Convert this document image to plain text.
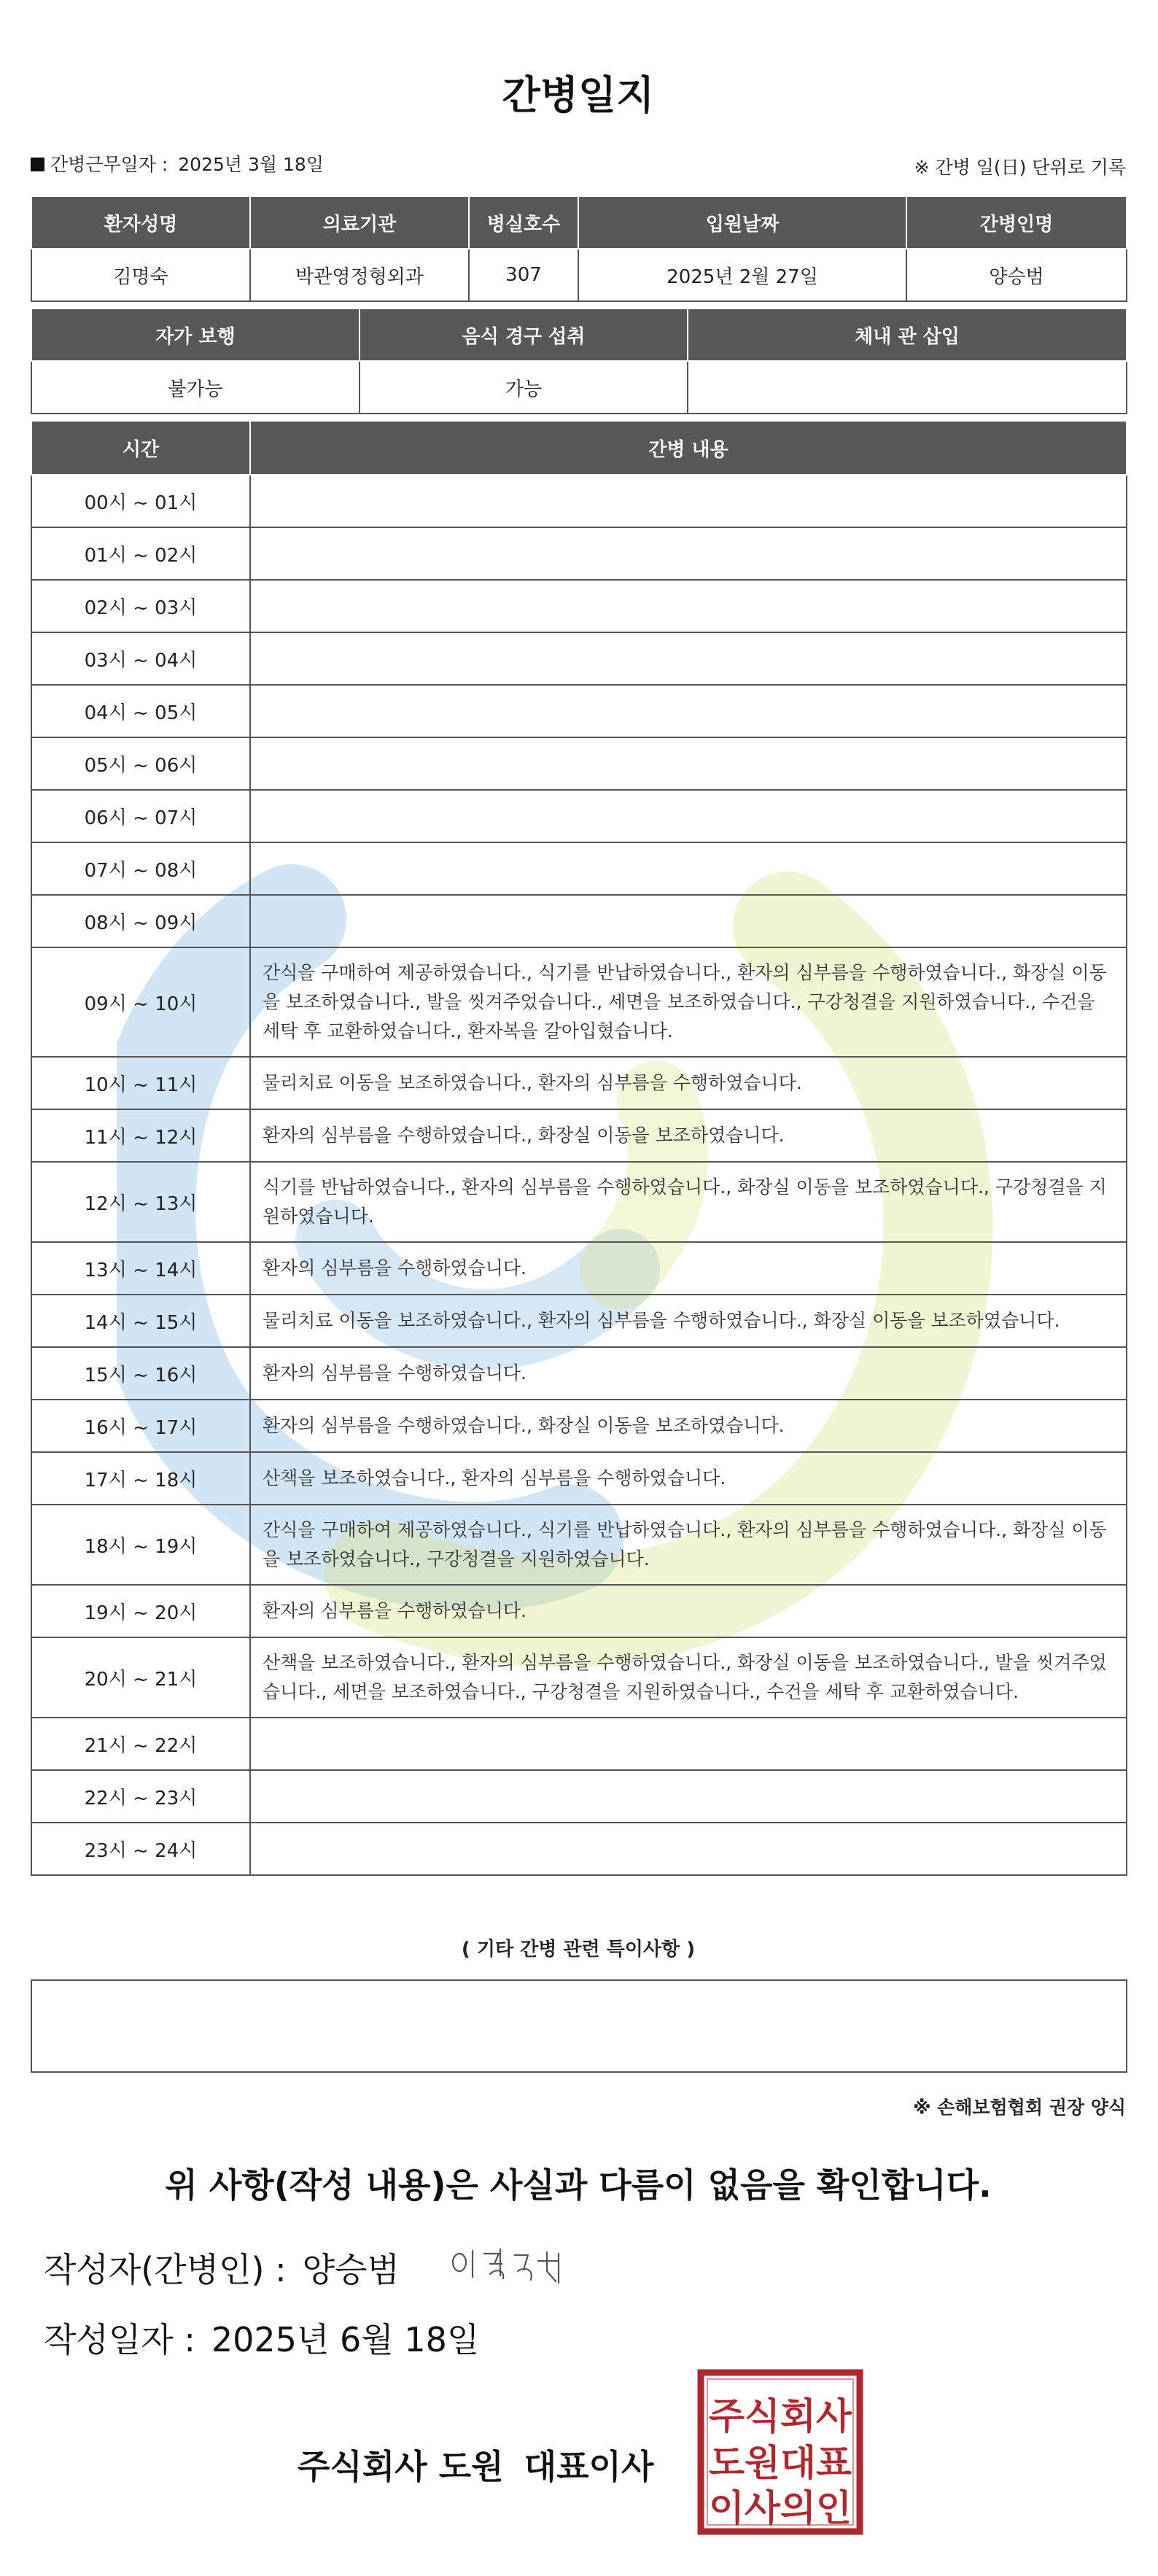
간병일지
간병근무일자 : 2025년 3월 18일	※ 간병 일(日) 단위로 기록
환자성명	의료기관	병실호수	입원날짜	간병인명
김명숙	박관영정형외과	307	2025년 2월 27일	양승범
자가 보행	음식 경구 섭취	체내 관 삽입
불가능	가능	
시간	간병 내용
00시 ~ 01시	
01시 ~ 02시	
02시 ~ 03시	
03시 ~ 04시	
04시 ~ 05시	
05시 ~ 06시	
06시 ~ 07시	
07시 ~ 08시	
08시 ~ 09시	
09시 ~ 10시	간식을 구매하여 제공하였습니다., 식기를 반납하였습니다., 환자의 심부름을 수행하였습니다., 화장실 이동을 보조하였습니다., 발을 씻겨주었습니다., 세면을 보조하였습니다., 구강청결을 지원하였습니다., 수건을 세탁 후 교환하였습니다., 환자복을 갈아입혔습니다.
10시 ~ 11시	물리치료 이동을 보조하였습니다., 환자의 심부름을 수행하였습니다.
11시 ~ 12시	환자의 심부름을 수행하였습니다., 화장실 이동을 보조하였습니다.
12시 ~ 13시	식기를 반납하였습니다., 환자의 심부름을 수행하였습니다., 화장실 이동을 보조하였습니다., 구강청결을 지원하였습니다.
13시 ~ 14시	환자의 심부름을 수행하였습니다.
14시 ~ 15시	물리치료 이동을 보조하였습니다., 환자의 심부름을 수행하였습니다., 화장실 이동을 보조하였습니다.
15시 ~ 16시	환자의 심부름을 수행하였습니다.
16시 ~ 17시	환자의 심부름을 수행하였습니다., 화장실 이동을 보조하였습니다.
17시 ~ 18시	산책을 보조하였습니다., 환자의 심부름을 수행하였습니다.
18시 ~ 19시	간식을 구매하여 제공하였습니다., 식기를 반납하였습니다., 환자의 심부름을 수행하였습니다., 화장실 이동을 보조하였습니다., 구강청결을 지원하였습니다.
19시 ~ 20시	환자의 심부름을 수행하였습니다.
20시 ~ 21시	산책을 보조하였습니다., 환자의 심부름을 수행하였습니다., 화장실 이동을 보조하였습니다., 발을 씻겨주었습니다., 세면을 보조하였습니다., 구강청결을 지원하였습니다., 수건을 세탁 후 교환하였습니다.
21시 ~ 22시	
22시 ~ 23시	
23시 ~ 24시	
( 기타 간병 관련 특이사항 )
※ 손해보험협회 권장 양식
위 사항(작성 내용)은 사실과 다름이 없음을 확인합니다.
작성자(간병인) : 양승범
작성일자 : 2025년 6월 18일
주식회사 도원 대표이사
주식회사
도원대표
이사의인
